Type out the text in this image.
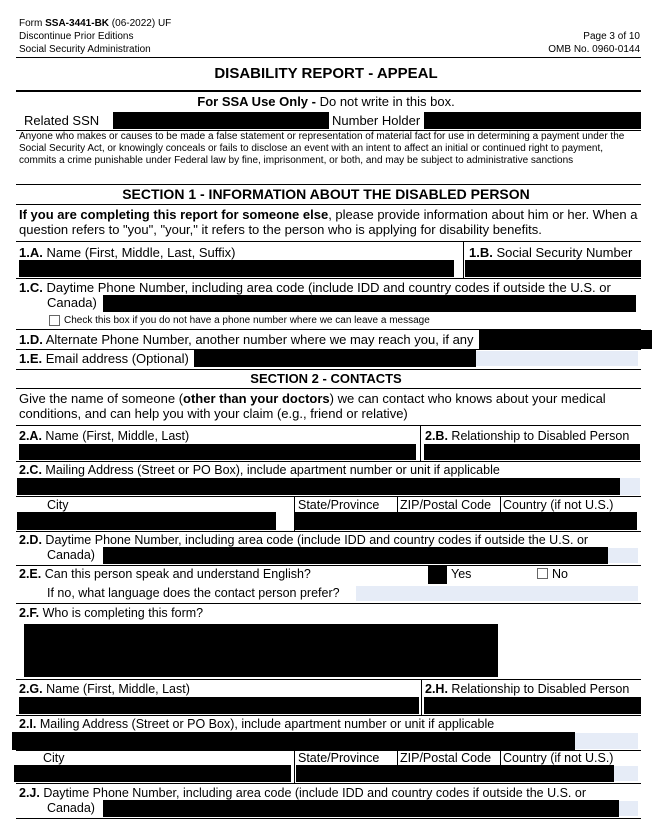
Form SSA-3441-BK (06-2022) UF
Discontinue Prior Editions
Social Security Administration
Page 3 of 10
OMB No. 0960-0144
DISABILITY REPORT - APPEAL
For SSA Use Only - Do not write in this box.
Related SSN	Number Holder
Anyone who makes or causes to be made a false statement or representation of material fact for use in determining a payment under the Social Security Act, or knowingly conceals or fails to disclose an event with an intent to affect an initial or continued right to payment, commits a crime punishable under Federal law by fine, imprisonment, or both, and may be subject to administrative sanctions
SECTION 1 - INFORMATION ABOUT THE DISABLED PERSON
If you are completing this report for someone else, please provide information about him or her. When a question refers to "you", "your," it refers to the person who is applying for disability benefits.
1.A. Name (First, Middle, Last, Suffix)	1.B. Social Security Number
1.C. Daytime Phone Number, including area code (include IDD and country codes if outside the U.S. or
Canada)
Check this box if you do not have a phone number where we can leave a message
1.D. Alternate Phone Number, another number where we may reach you, if any
1.E. Email address (Optional)
SECTION 2 - CONTACTS
Give the name of someone (other than your doctors) we can contact who knows about your medical conditions, and can help you with your claim (e.g., friend or relative)
2.A. Name (First, Middle, Last)	2.B. Relationship to Disabled Person
2.C. Mailing Address (Street or PO Box), include apartment number or unit if applicable
City	State/Province ZIP/Postal Code Country (if not U.S.)
2.D. Daytime Phone Number, including area code (include IDD and country codes if outside the U.S. or
Canada)
2.E. Can this person speak and understand English?	Yes	No
If no, what language does the contact person prefer?
2.F. Who is completing this form?
2.G. Name (First, Middle, Last)	2.H. Relationship to Disabled Person
2.I. Mailing Address (Street or PO Box), include apartment number or unit if applicable
City	State/Province ZIP/Postal Code Country (if not U.S.)
2.J. Daytime Phone Number, including area code (include IDD and country codes if outside the U.S. or
Canada)
